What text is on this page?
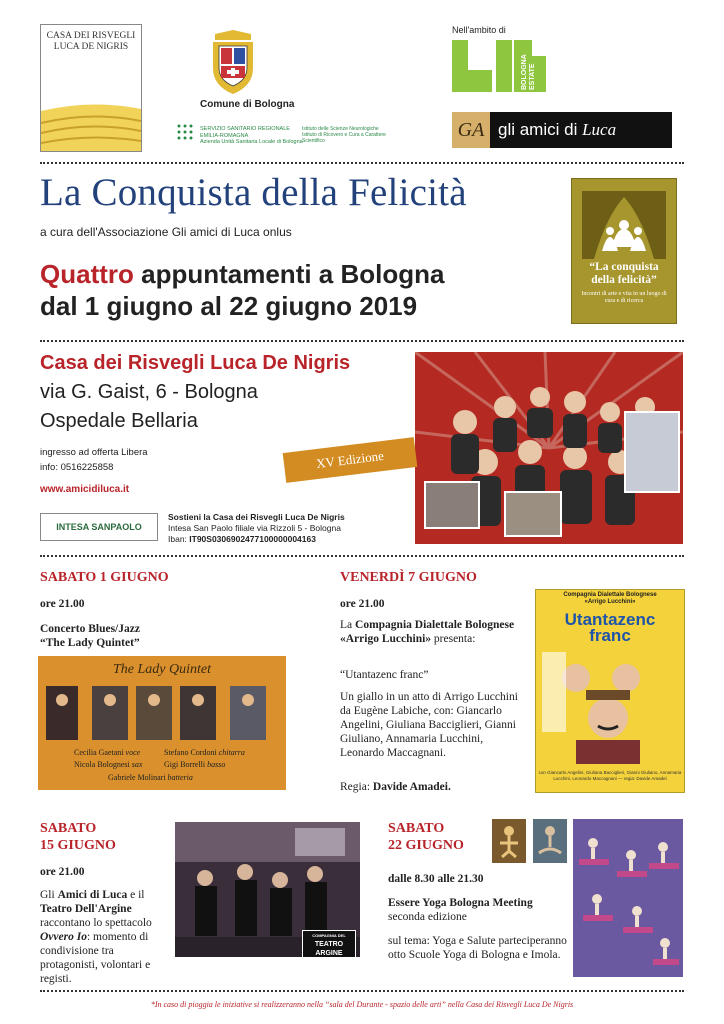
CASA DEI RISVEGLI
LUCA DE NIGRIS
Comune di Bologna
SERVIZIO SANITARIO REGIONALE
EMILIA-ROMAGNA
Azienda Unità Sanitaria Locale di Bologna
Istituto delle Scienze Neurologiche
Istituto di Ricovero e Cura a Carattere Scientifico
Nell'ambito di
BOLOGNA ESTATE
GA gli amici di Luca
La Conquista della Felicità
a cura dell'Associazione Gli amici di Luca onlus
Quattro appuntamenti a Bologna
dal 1 giugno al 22 giugno 2019
“La conquista
della felicità”
Incontri di arte e vita in un luogo di cura e di ricerca
Casa dei Risvegli Luca De Nigris
via G. Gaist, 6 - Bologna
Ospedale Bellaria
ingresso ad offerta Libera
info: 0516225858
www.amicidiluca.it
INTESA SANPAOLO
Sostieni la Casa dei Risvegli Luca De Nigris
Intesa San Paolo filiale via Rizzoli 5 - Bologna
Iban: IT90S0306902477100000004163
XV Edizione
SABATO 1 GIUGNO
ore 21.00
Concerto Blues/Jazz
“The Lady Quintet”
The Lady Quintet
Cecilia Gaetani voce
Nicola Bolognesi sax
Stefano Cordoni chitarra
Gigi Borrelli basso
Gabriele Molinari batteria
VENERDÌ 7 GIUGNO
ore 21.00
La Compagnia Dialettale Bolognese «Arrigo Lucchini» presenta:
“Utantazenc franc”
Un giallo in un atto di Arrigo Lucchini da Eugène Labiche, con: Giancarlo Angelini, Giuliana Bacciglieri, Gianni Giuliano, Annamaria Lucchini, Leonardo Maccagnani.
Regia: Davide Amadei.
Compagnia Dialettale Bolognese
«Arrigo Lucchini»
Utantazenc
franc
con Giancarlo Angelini, Giuliana Bacciglieri, Gianni Giuliano, Annamaria Lucchini, Leonardo Maccagnani — regia: Davide Amadei
SABATO
15 GIUGNO
ore 21.00
Gli Amici di Luca e il Teatro Dell'Argine raccontano lo spettacolo Ovvero Io: momento di condivisione tra protagonisti, volontari e registi.
COMPAGNIA DEL
TEATRO
ARGINE
SABATO
22 GIUGNO
dalle 8.30 alle 21.30
Essere Yoga Bologna Meeting
seconda edizione
sul tema: Yoga e Salute parteciperanno otto Scuole Yoga di Bologna e Imola.
*In caso di pioggia le iniziative si realizzeranno nella “sala del Durante - spazio delle arti” nella Casa dei Risvegli Luca De Nigris
